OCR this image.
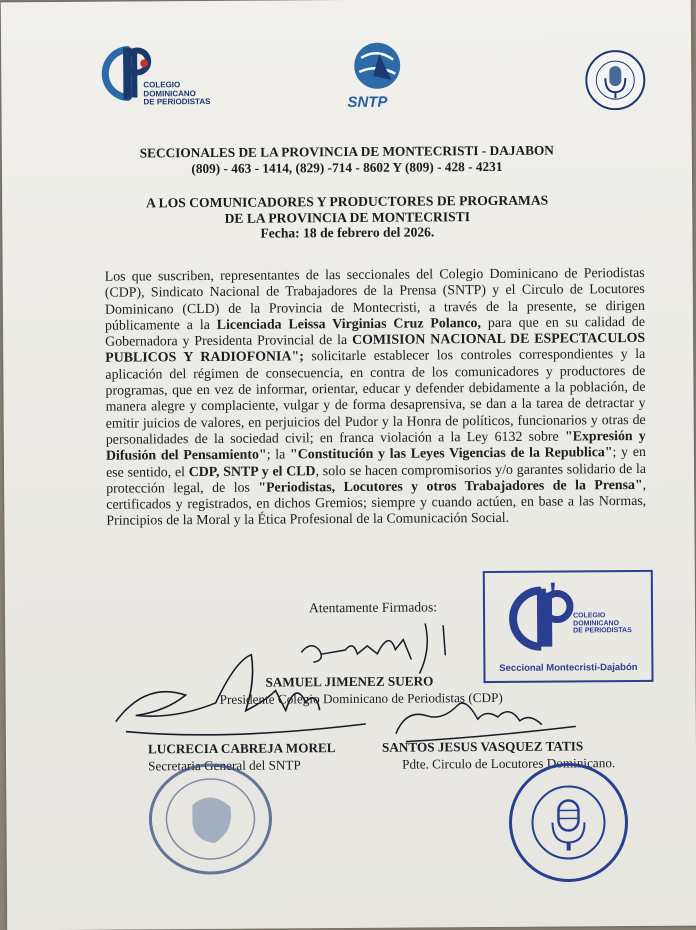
COLEGIO
DOMINICANO
DE PERIODISTAS	SNTP
SECCIONALES DE LA PROVINCIA DE MONTECRISTI - DAJABON
(809) - 463 - 1414, (829) -714 - 8602 Y (809) - 428 - 4231
A LOS COMUNICADORES Y PRODUCTORES DE PROGRAMAS
DE LA PROVINCIA DE MONTECRISTI
Fecha: 18 de febrero del 2026.
Los que suscriben, representantes de las seccionales del Colegio Dominicano de Periodistas (CDP), Sindicato Nacional de Trabajadores de la Prensa (SNTP) y el Circulo de Locutores Dominicano (CLD) de la Provincia de Montecristi, a través de la presente, se dirigen públicamente a la Licenciada Leissa Virginias Cruz Polanco, para que en su calidad de Gobernadora y Presidenta Provincial de la COMISION NACIONAL DE ESPECTACULOS PUBLICOS Y RADIOFONIA"; solicitarle establecer los controles correspondientes y la aplicación del régimen de consecuencia, en contra de los comunicadores y productores de programas, que en vez de informar, orientar, educar y defender debidamente a la población, de manera alegre y complaciente, vulgar y de forma desaprensiva, se dan a la tarea de detractar y emitir juicios de valores, en perjuicios del Pudor y la Honra de políticos, funcionarios y otras de personalidades de la sociedad civil; en franca violación a la Ley 6132 sobre "Expresión y Difusión del Pensamiento"; la "Constitución y las Leyes Vigencias de la Republica"; y en ese sentido, el CDP, SNTP y el CLD, solo se hacen compromisorios y/o garantes solidario de la protección legal, de los "Periodistas, Locutores y otros Trabajadores de la Prensa", certificados y registrados, en dichos Gremios; siempre y cuando actúen, en base a las Normas, Principios de la Moral y la Ética Profesional de la Comunicación Social.
Atentamente Firmados:
COLEGIO
DOMINICANO
DE PERIODISTAS
Seccional Montecristi-Dajabón
SAMUEL JIMENEZ SUERO
Presidente Colegio Dominicano de Periodistas (CDP)
LUCRECIA CABREJA MOREL
Secretaria General del SNTP
SANTOS JESUS VASQUEZ TATIS
Pdte. Circulo de Locutores Dominicano.
